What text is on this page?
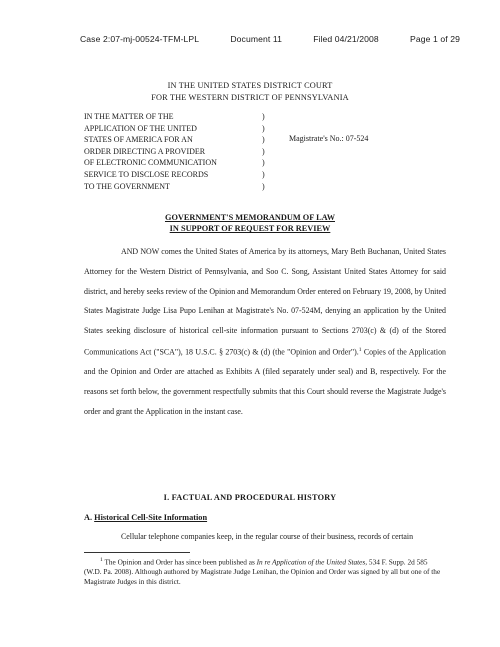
Case 2:07-mj-00524-TFM-LPL	Document 11	Filed 04/21/2008	Page 1 of 29
IN THE UNITED STATES DISTRICT COURT
FOR THE WESTERN DISTRICT OF PENNSYLVANIA
IN THE MATTER OF THE
APPLICATION OF THE UNITED
STATES OF AMERICA FOR AN
ORDER DIRECTING A PROVIDER
OF ELECTRONIC COMMUNICATION
SERVICE TO DISCLOSE RECORDS
TO THE GOVERNMENT
)
)
)
)
)
)
)
Magistrate's No.: 07-524
GOVERNMENT'S MEMORANDUM OF LAW
IN SUPPORT OF REQUEST FOR REVIEW

AND NOW comes the United States of America by its attorneys, Mary Beth Buchanan, United States Attorney for the Western District of Pennsylvania, and Soo C. Song, Assistant United States Attorney for said district, and hereby seeks review of the Opinion and Memorandum Order entered on February 19, 2008, by United States Magistrate Judge Lisa Pupo Lenihan at Magistrate's No. 07-524M, denying an application by the United States seeking disclosure of historical cell-site information pursuant to Sections 2703(c) & (d) of the Stored Communications Act ("SCA"), 18 U.S.C. § 2703(c) & (d) (the "Opinion and Order").$^1$ Copies of the Application and the Opinion and Order are attached as Exhibits A (filed separately under seal) and B, respectively. For the reasons set forth below, the government respectfully submits that this Court should reverse the Magistrate Judge's order and grant the Application in the instant case.

I. FACTUAL AND PROCEDURAL HISTORY
A. Historical Cell-Site Information
Cellular telephone companies keep, in the regular course of their business, records of certain
$^1$ The Opinion and Order has since been published as In re Application of the United States, 534 F. Supp. 2d 585 (W.D. Pa. 2008). Although authored by Magistrate Judge Lenihan, the Opinion and Order was signed by all but one of the Magistrate Judges in this district.
